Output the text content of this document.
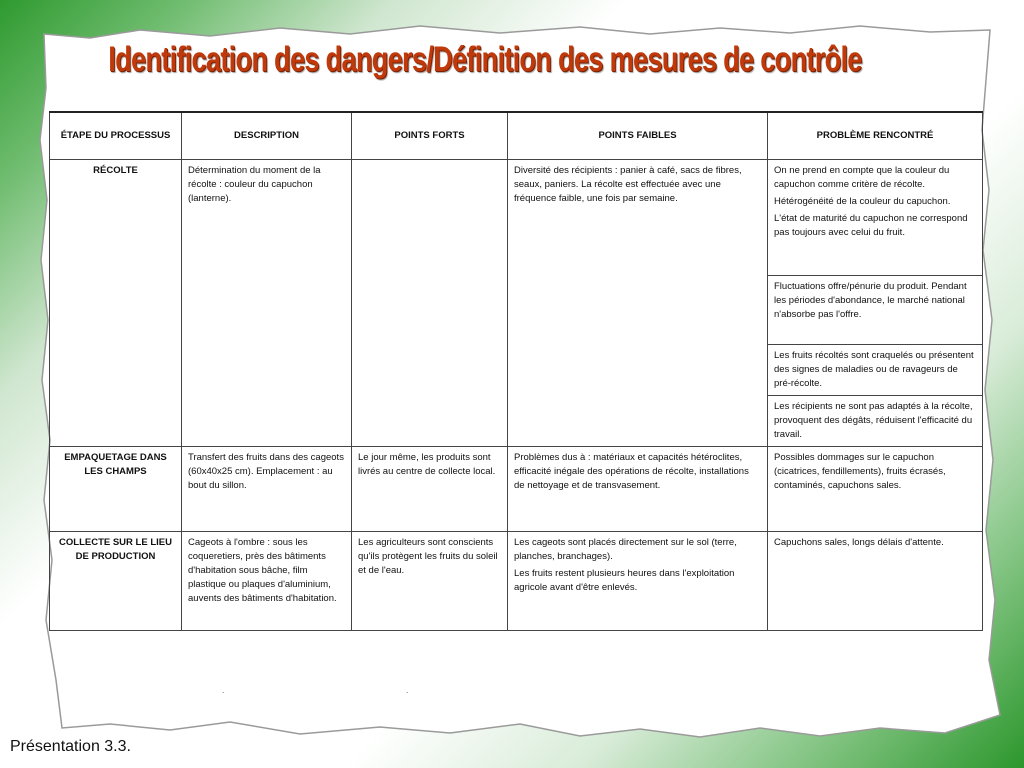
Identification des dangers/Définition des mesures de contrôle
ÉTAPE DU PROCESSUS	DESCRIPTION	POINTS FORTS	POINTS FAIBLES	PROBLÈME RENCONTRÉ
RÉCOLTE	Détermination du moment de la récolte : couleur du capuchon (lanterne).		Diversité des récipients : panier à café, sacs de fibres, seaux, paniers. La récolte est effectuée avec une fréquence faible, une fois par semaine.	On ne prend en compte que la couleur du capuchon comme critère de récolte.
Hétérogénéité de la couleur du capuchon.
L'état de maturité du capuchon ne correspond pas toujours avec celui du fruit.

				Fluctuations offre/pénurie du produit. Pendant les périodes d'abondance, le marché national n'absorbe pas l'offre.
				Les fruits récoltés sont craquelés ou présentent des signes de maladies ou de ravageurs de pré-récolte.
				Les récipients ne sont pas adaptés à la récolte, provoquent des dégâts, réduisent l'efficacité du travail.
EMPAQUETAGE DANS LES CHAMPS	Transfert des fruits dans des cageots (60x40x25 cm). Emplacement : au bout du sillon.	Le jour même, les produits sont livrés au centre de collecte local.	Problèmes dus à : matériaux et capacités hétéroclites, efficacité inégale des opérations de récolte, installations de nettoyage et de transvasement.	Possibles dommages sur le capuchon (cicatrices, fendillements), fruits écrasés, contaminés, capuchons sales.
COLLECTE SUR LE LIEU DE PRODUCTION	Cageots à l'ombre : sous les coqueretiers, près des bâtiments d'habitation sous bâche, film plastique ou plaques d'aluminium, auvents des bâtiments d'habitation.	Les agriculteurs sont conscients qu'ils protègent les fruits du soleil et de l'eau.	Les cageots sont placés directement sur le sol (terre, planches, branchages).
Les fruits restent plusieurs heures dans l'exploitation agricole avant d'être enlevés.	Capuchons sales, longs délais d'attente.
.	.
Présentation 3.3.
